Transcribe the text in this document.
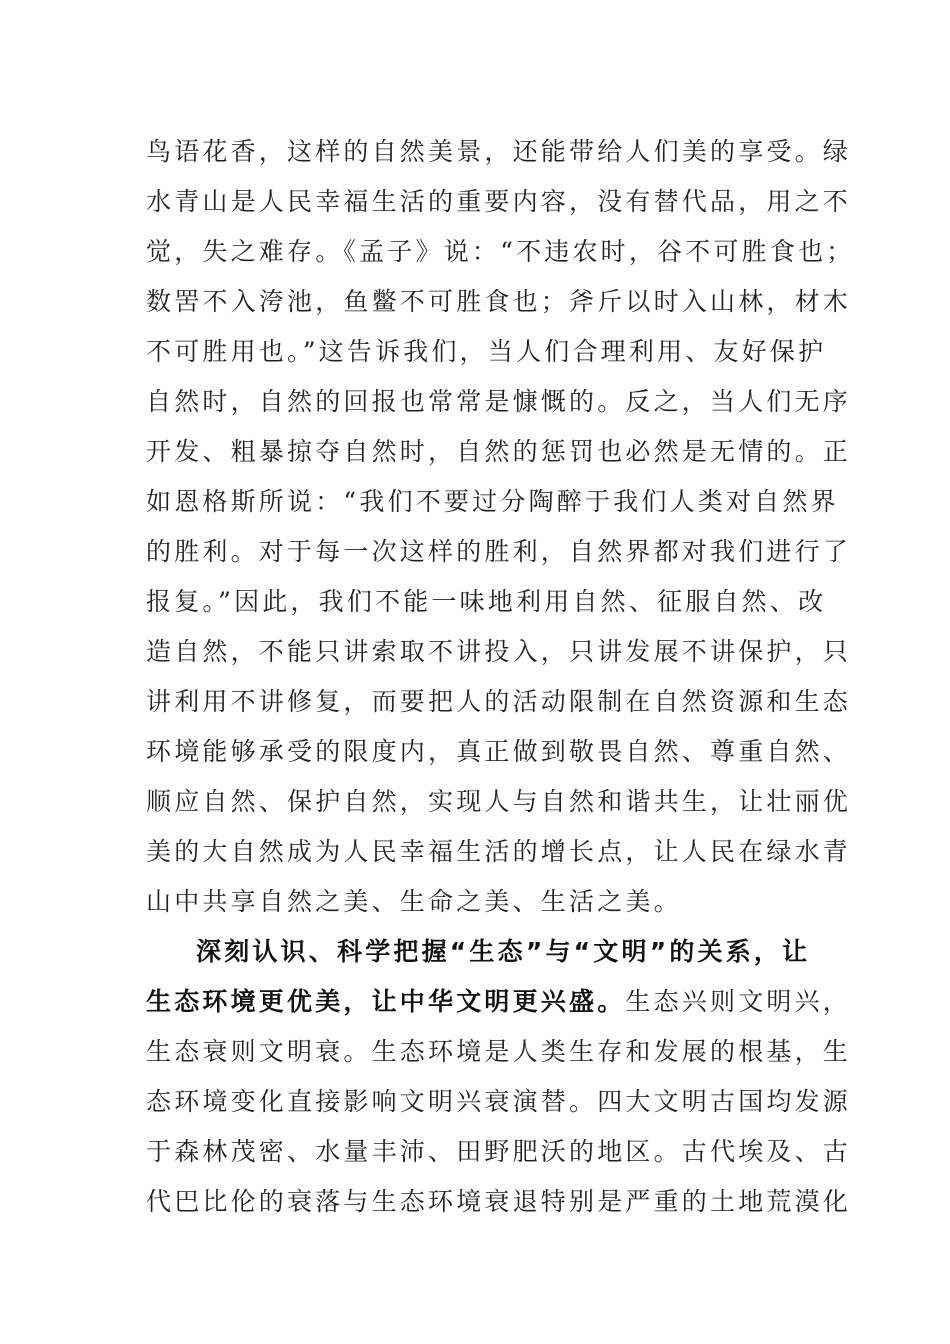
鸟语花香，这样的自然美景，还能带给人们美的享受。绿
水青山是人民幸福生活的重要内容，没有替代品，用之不
觉，失之难存。《孟子》说：“不违农时，谷不可胜食也；
数罟不入洿池，鱼鳖不可胜食也；斧斤以时入山林，材木
不可胜用也。”这告诉我们，当人们合理利用、友好保护
自然时，自然的回报也常常是慷慨的。反之，当人们无序
开发、粗暴掠夺自然时，自然的惩罚也必然是无情的。正
如恩格斯所说：“我们不要过分陶醉于我们人类对自然界
的胜利。对于每一次这样的胜利，自然界都对我们进行了
报复。”因此，我们不能一味地利用自然、征服自然、改
造自然，不能只讲索取不讲投入，只讲发展不讲保护，只
讲利用不讲修复，而要把人的活动限制在自然资源和生态
环境能够承受的限度内，真正做到敬畏自然、尊重自然、
顺应自然、保护自然，实现人与自然和谐共生，让壮丽优
美的大自然成为人民幸福生活的增长点，让人民在绿水青
山中共享自然之美、生命之美、生活之美。
深刻认识、科学把握“生态”与“文明”的关系，让
生态环境更优美，让中华文明更兴盛。生态兴则文明兴，
生态衰则文明衰。生态环境是人类生存和发展的根基，生
态环境变化直接影响文明兴衰演替。四大文明古国均发源
于森林茂密、水量丰沛、田野肥沃的地区。古代埃及、古
代巴比伦的衰落与生态环境衰退特别是严重的土地荒漠化
